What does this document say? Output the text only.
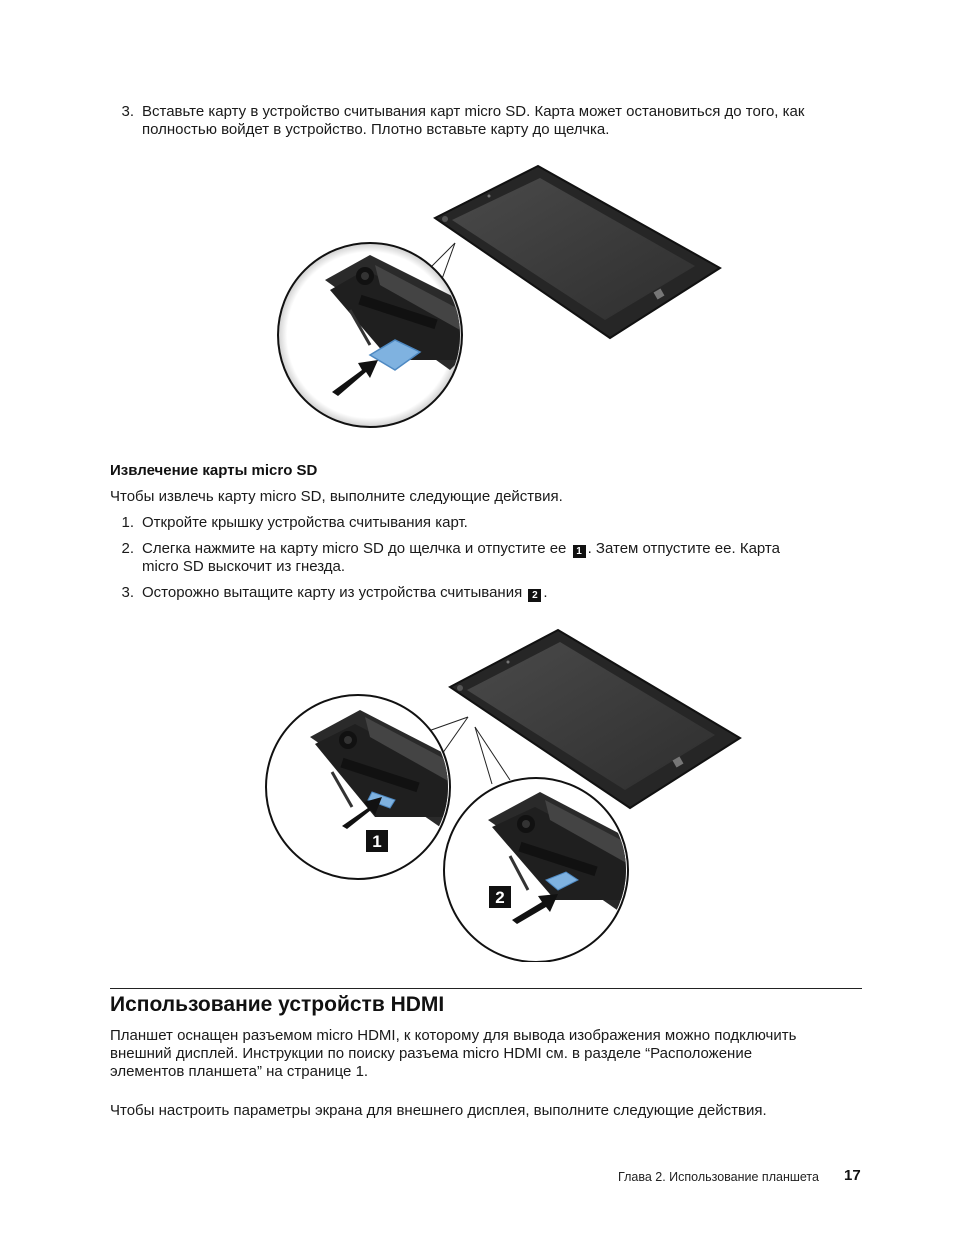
3. Вставьте карту в устройство считывания карт micro SD. Карта может остановиться до того, как
полностью войдет в устройство. Плотно вставьте карту до щелчка.
Извлечение карты micro SD
Чтобы извлечь карту micro SD, выполните следующие действия.
1. Откройте крышку устройства считывания карт.
2. Слегка нажмите на карту micro SD до щелчка и отпустите ее 1 . Затем отпустите ее. Карта
micro SD выскочит из гнезда.
3. Осторожно вытащите карту из устройства считывания 2 .
1
2
Использование устройств HDMI
Планшет оснащен разъемом micro HDMI, к которому для вывода изображения можно подключить
внешний дисплей. Инструкции по поиску разъема micro HDMI см. в разделе “Расположение
элементов планшета” на странице 1.
Чтобы настроить параметры экрана для внешнего дисплея, выполните следующие действия.
Глава 2. Использование планшета 17
